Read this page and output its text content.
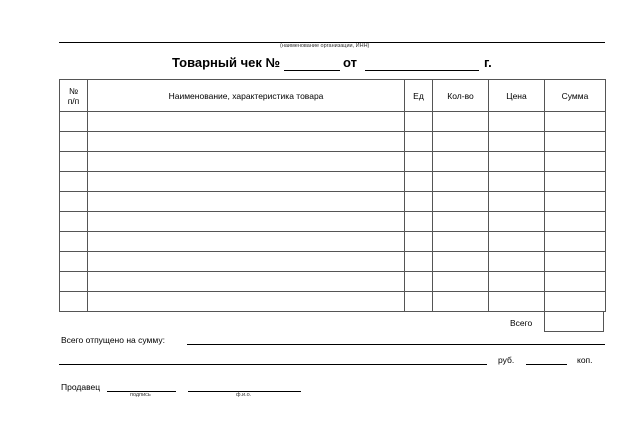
(наименование организации, ИНН)
Товарный чек №	от	г.
№
п/п	Наименование, характеристика товара	Ед	Кол-во	Цена	Сумма

Всего
Всего отпущено на сумму:
руб.	коп.
Продавец
подпись	ф.и.о.
